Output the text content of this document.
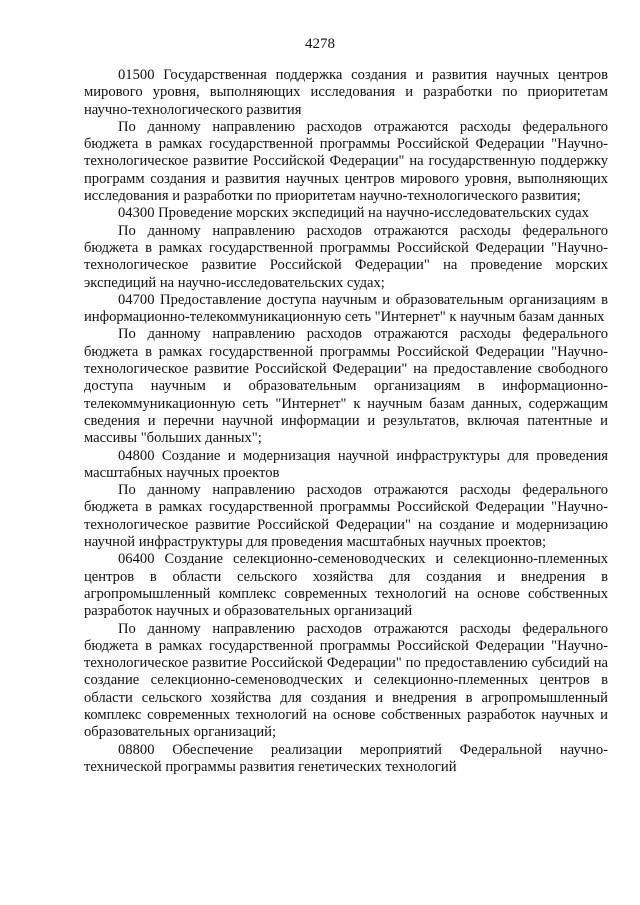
4278

01500 Государственная поддержка создания и развития научных центров мирового уровня, выполняющих исследования и разработки по приоритетам научно-технологического развития

По данному направлению расходов отражаются расходы федерального бюджета в рамках государственной программы Российской Федерации "Научно-технологическое развитие Российской Федерации" на государственную поддержку программ создания и развития научных центров мирового уровня, выполняющих исследования и разработки по приоритетам научно-технологического развития;

04300 Проведение морских экспедиций на научно-исследовательских судах

По данному направлению расходов отражаются расходы федерального бюджета в рамках государственной программы Российской Федерации "Научно-технологическое развитие Российской Федерации" на проведение морских экспедиций на научно-исследовательских судах;

04700 Предоставление доступа научным и образовательным организациям в информационно-телекоммуникационную сеть "Интернет" к научным базам данных

По данному направлению расходов отражаются расходы федерального бюджета в рамках государственной программы Российской Федерации "Научно-технологическое развитие Российской Федерации" на предоставление свободного доступа научным и образовательным организациям в информационно-телекоммуникационную сеть "Интернет" к научным базам данных, содержащим сведения и перечни научной информации и результатов, включая патентные и массивы "больших данных";

04800 Создание и модернизация научной инфраструктуры для проведения масштабных научных проектов

По данному направлению расходов отражаются расходы федерального бюджета в рамках государственной программы Российской Федерации "Научно-технологическое развитие Российской Федерации" на создание и модернизацию научной инфраструктуры для проведения масштабных научных проектов;

06400 Создание селекционно-семеноводческих и селекционно-племенных центров в области сельского хозяйства для создания и внедрения в агропромышленный комплекс современных технологий на основе собственных разработок научных и образовательных организаций

По данному направлению расходов отражаются расходы федерального бюджета в рамках государственной программы Российской Федерации "Научно-технологическое развитие Российской Федерации" по предоставлению субсидий на создание селекционно-семеноводческих и селекционно-племенных центров в области сельского хозяйства для создания и внедрения в агропромышленный комплекс современных технологий на основе собственных разработок научных и образовательных организаций;

08800 Обеспечение реализации мероприятий Федеральной научно-технической программы развития генетических технологий
